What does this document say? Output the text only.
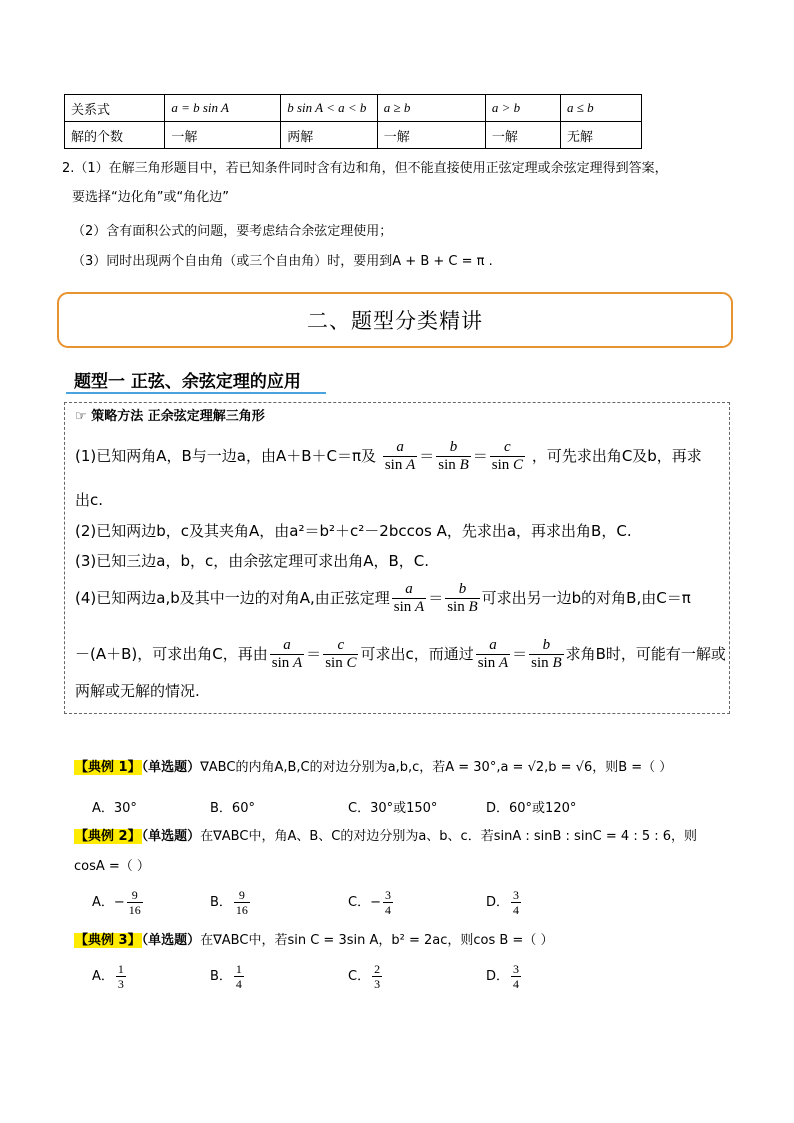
关系式	a = b sin A	b sin A < a < b	a ≥ b	a > b	a ≤ b
解的个数	一解	两解	一解	一解	无解
2.（1）在解三角形题目中，若已知条件同时含有边和角，但不能直接使用正弦定理或余弦定理得到答案，
要选择“边化角”或“角化边”
（2）含有面积公式的问题，要考虑结合余弦定理使用；
（3）同时出现两个自由角（或三个自由角）时，要用到A + B + C = π .
二、题型分类精讲
题型一 正弦、余弦定理的应用
☞ 策略方法 正余弦定理解三角形
(1)已知两角A，B与一边a，由A＋B＋C＝π及 $\frac{a}{\text{sin A}} = \frac{b}{\text{sin B}} = \frac{c}{\text{sin C}}$ ，可先求出角C及b，再求
出c.
(2)已知两边b，c及其夹角A，由a²＝b²＋c²－2bccos A，先求出a，再求出角B，C.
(3)已知三边a，b，c，由余弦定理可求出角A，B，C.
(4)已知两边a,b及其中一边的对角A,由正弦定理 $\frac{a}{\text{sin A}} = \frac{b}{\text{sin B}}$ 可求出另一边b的对角B,由C＝π
－(A＋B)，可求出角C，再由 $\frac{a}{\text{sin A}} = \frac{c}{\text{sin C}}$ 可求出c，而通过 $\frac{a}{\text{sin A}} = \frac{b}{\text{sin B}}$ 求角B时，可能有一解或
两解或无解的情况.
【典例 1】（单选题）∇ABC的内角A,B,C的对边分别为a,b,c，若A = 30°,a = √2,b = √6，则B =（ ）
A．30°	B．60°	C．30°或150°	D．60°或120°
【典例 2】（单选题）在∇ABC中，角A、B、C的对边分别为a、b、c．若sinA : sinB : sinC = 4 : 5 : 6，则
cosA =（ ）
A．− $\frac{9}{16}$	B． $\frac{9}{16}$	C．− $\frac{3}{4}$	D． $\frac{3}{4}$
【典例 3】（单选题）在∇ABC中，若sin C = 3sin A，b² = 2ac，则cos B =（ ）
A． $\frac{1}{3}$	B． $\frac{1}{4}$	C． $\frac{2}{3}$	D． $\frac{3}{4}$
